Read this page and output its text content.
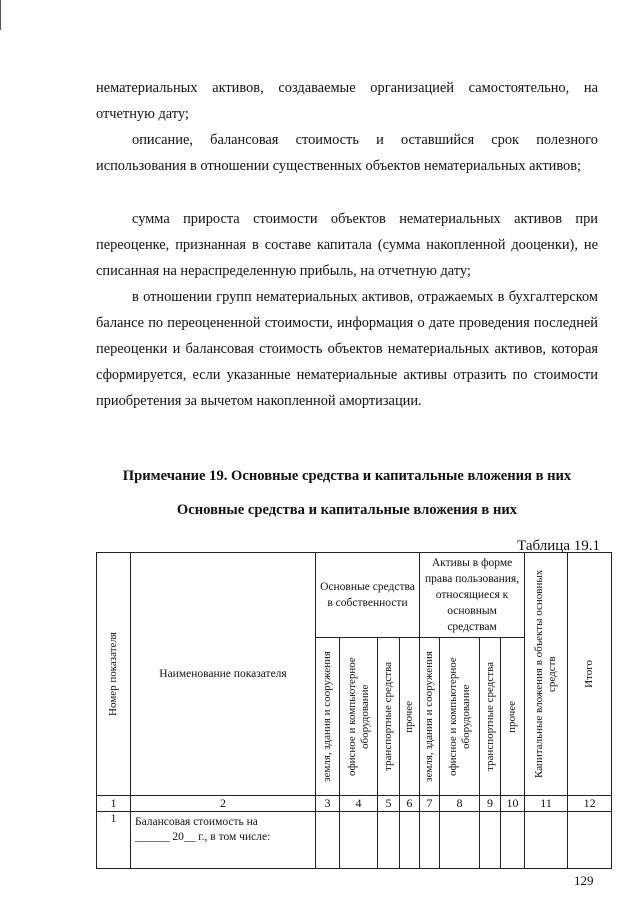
нематериальных активов, создаваемые организацией самостоятельно, на отчетную дату;

описание, балансовая стоимость и оставшийся срок полезного использования в отношении существенных объектов нематериальных активов;

сумма прироста стоимости объектов нематериальных активов при переоценке, признанная в составе капитала (сумма накопленной дооценки), не списанная на нераспределенную прибыль, на отчетную дату;

в отношении групп нематериальных активов, отражаемых в бухгалтерском балансе по переоцененной стоимости, информация о дате проведения последней переоценки и балансовая стоимость объектов нематериальных активов, которая сформируется, если указанные нематериальные активы отразить по стоимости приобретения за вычетом накопленной амортизации.

Примечание 19. Основные средства и капитальные вложения в них

Основные средства и капитальные вложения в них

Таблица 19.1
Номер показателя	Наименование показателя	Основные средства в собственности				Активы в форме права пользования, относящиеся к основным средствам				Капитальные вложения в объекты основных средств	Итого

		земля, здания и сооружения	офисное и компьютерное оборудование	транспортные средства	прочее	земля, здания и сооружения	офисное и компьютерное оборудование	транспортные средства	прочее		

1	2	3	4	5	6	7	8	9	10	11	12
1	Балансовая стоимость на
______ 20__ г., в том числе:										

129
